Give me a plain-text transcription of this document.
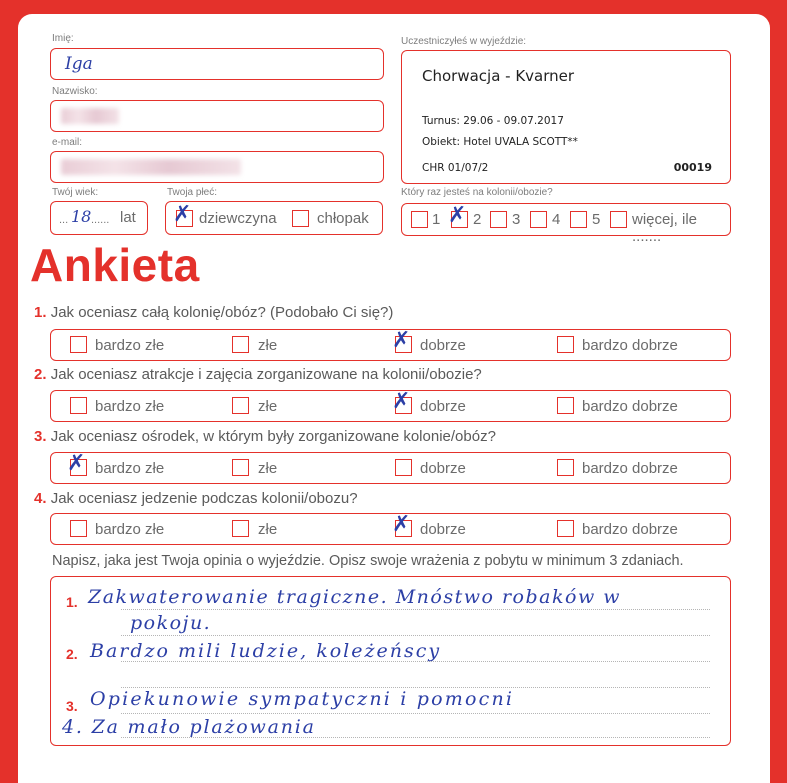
Imię:
Iga
Nazwisko:
e-mail:
Twój wiek:
... 18 ...... lat
Twoja płeć:
✗ dziewczyna	chłopak
Uczestniczyłeś w wyjeździe:
Chorwacja - Kvarner
Turnus: 29.06 - 09.07.2017
Obiekt: Hotel UVALA SCOTT**
CHR 01/07/2	00019
Który raz jesteś na kolonii/obozie?
1 ✗ 2 3 4 5 więcej, ile .......
Ankieta
1. Jak oceniasz całą kolonię/obóz? (Podobało Ci się?)
bardzo złe	złe	✗ dobrze	bardzo dobrze
2. Jak oceniasz atrakcje i zajęcia zorganizowane na kolonii/obozie?
bardzo złe	złe	✗ dobrze	bardzo dobrze
3. Jak oceniasz ośrodek, w którym były zorganizowane kolonie/obóz?
✗ bardzo złe	złe	dobrze	bardzo dobrze
4. Jak oceniasz jedzenie podczas kolonii/obozu?
bardzo złe	złe	✗ dobrze	bardzo dobrze
Napisz, jaka jest Twoja opinia o wyjeździe. Opisz swoje wrażenia z pobytu w minimum 3 zdaniach.
1.
2.
3.
Zakwaterowanie tragiczne. Mnóstwo robaków w
pokoju.
Bardzo mili ludzie, koleżeńscy
Opiekunowie sympatyczni i pomocni
4. Za mało plażowania
